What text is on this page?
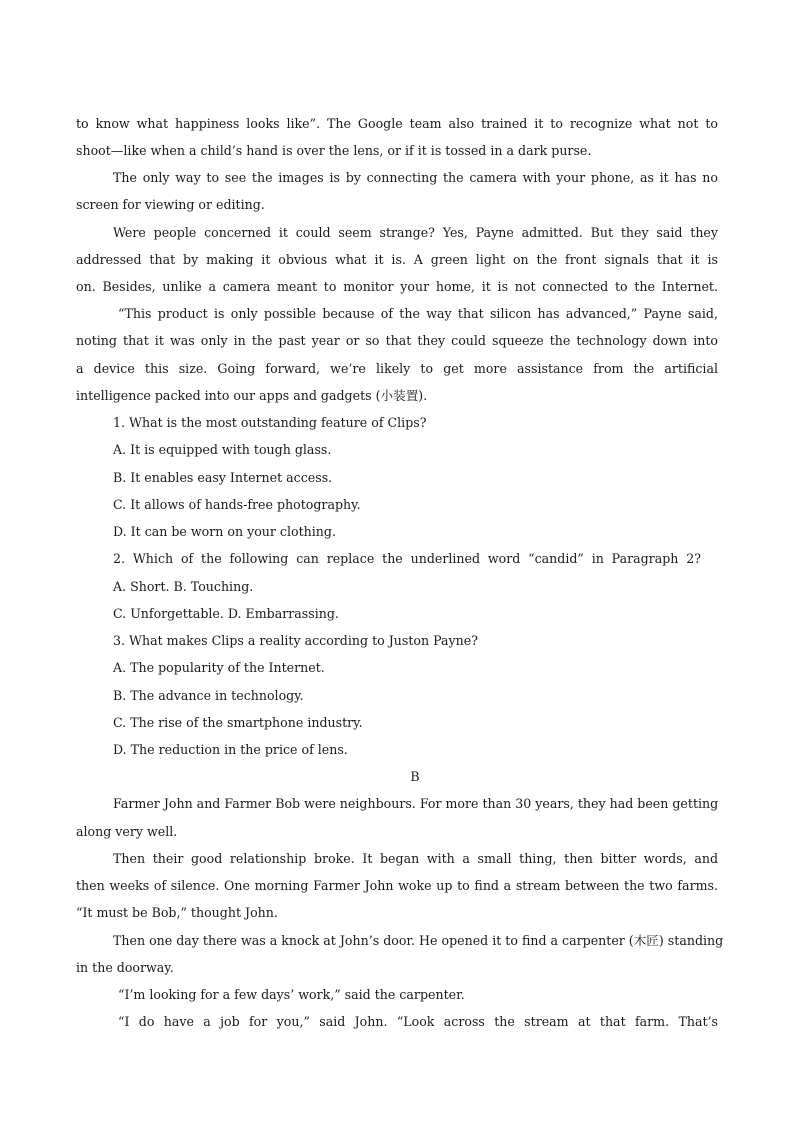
to know what happiness looks like”. The Google team also trained it to recognize what not to
shoot—like when a child’s hand is over the lens, or if it is tossed in a dark purse.
The only way to see the images is by connecting the camera with your phone, as it has no
screen for viewing or editing.
Were people concerned it could seem strange? Yes, Payne admitted. But they said they
addressed that by making it obvious what it is. A green light on the front signals that it is
on. Besides, unlike a camera meant to monitor your home, it is not connected to the Internet.
“This product is only possible because of the way that silicon has advanced,” Payne said,
noting that it was only in the past year or so that they could squeeze the technology down into
a device this size. Going forward, we’re likely to get more assistance from the artificial
intelligence packed into our apps and gadgets (小装置).
1. What is the most outstanding feature of Clips?
A. It is equipped with tough glass.
B. It enables easy Internet access.
C. It allows of hands-free photography.
D. It can be worn on your clothing.
2. Which of the following can replace the underlined word “candid” in Paragraph 2?
A. Short. B. Touching.
C. Unforgettable. D. Embarrassing.
3. What makes Clips a reality according to Juston Payne?
A. The popularity of the Internet.
B. The advance in technology.
C. The rise of the smartphone industry.
D. The reduction in the price of lens.
B
Farmer John and Farmer Bob were neighbours. For more than 30 years, they had been getting
along very well.
Then their good relationship broke. It began with a small thing, then bitter words, and
then weeks of silence. One morning Farmer John woke up to find a stream between the two farms.
“It must be Bob,” thought John.
Then one day there was a knock at John’s door. He opened it to find a carpenter (木匠) standing
in the doorway.
“I’m looking for a few days’ work,” said the carpenter.
“I do have a job for you,” said John. “Look across the stream at that farm. That’s
